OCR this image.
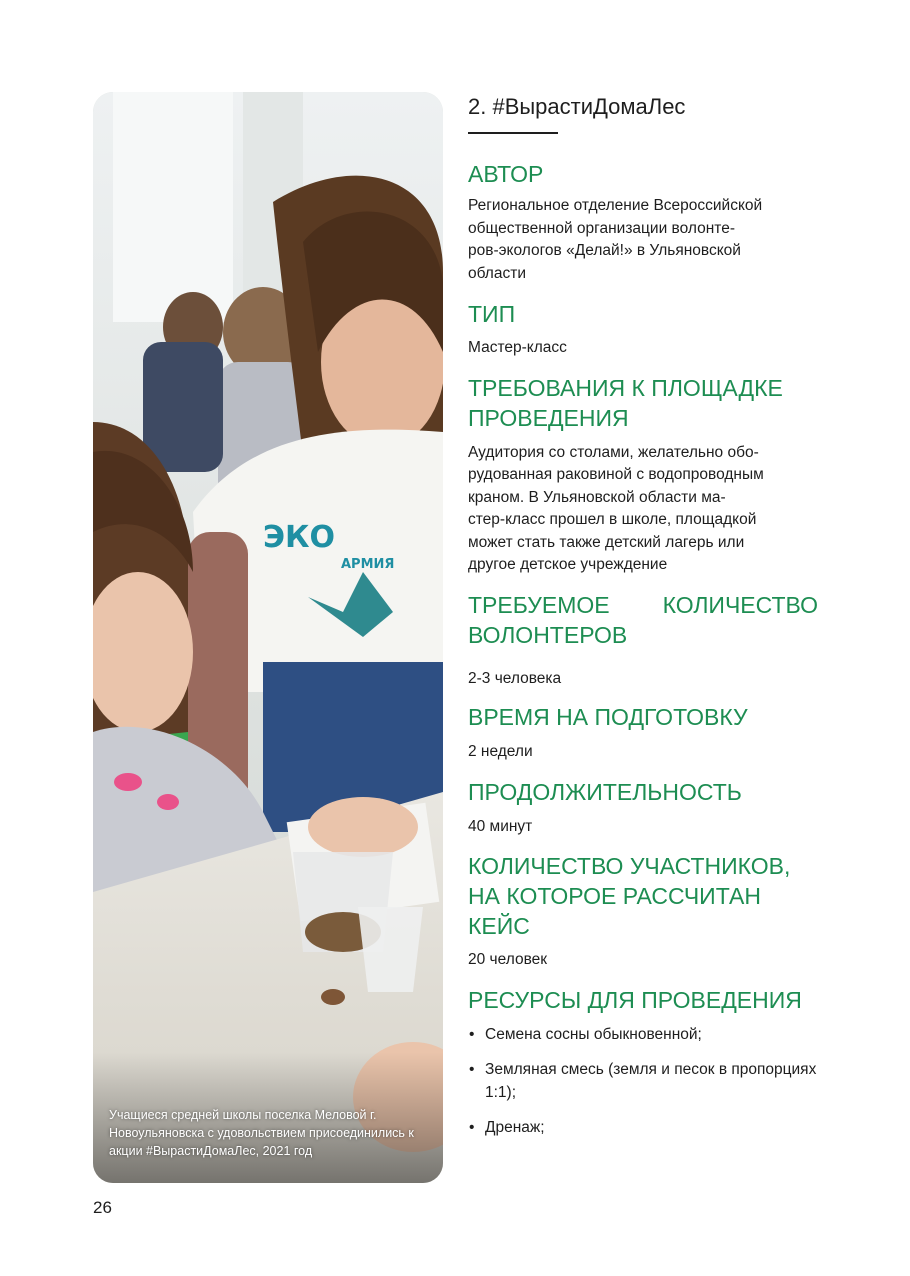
ЭКО
АРМИЯ
Учащиеся средней школы поселка Меловой г. Новоульяновска с удовольствием присоединились к акции #ВырастиДомаЛес, 2021 год
2. #ВырастиДомаЛес
АВТОР
Региональное отделение Всероссийской
общественной организации волонте-
ров-экологов «Делай!» в Ульяновской
области
ТИП

Мастер-класс

ТРЕБОВАНИЯ К ПЛОЩАДКЕ
ПРОВЕДЕНИЯ
Аудитория со столами, желательно обо-
рудованная раковиной с водопроводным
краном. В Ульяновской области ма-
стер-класс прошел в школе, площадкой
может стать также детский лагерь или
другое детское учреждение
ТРЕБУЕМОЕ КОЛИЧЕСТВО
ВОЛОНТЕРОВ

2-3 человека

ВРЕМЯ НА ПОДГОТОВКУ

2 недели

ПРОДОЛЖИТЕЛЬНОСТЬ

40 минут

КОЛИЧЕСТВО УЧАСТНИКОВ,
НА КОТОРОЕ РАССЧИТАН
КЕЙС

20 человек

РЕСУРСЫ ДЛЯ ПРОВЕДЕНИЯ
• Семена сосны обыкновенной;
• Земляная смесь (земля и песок в пропорциях 1:1);
• Дренаж;
26
